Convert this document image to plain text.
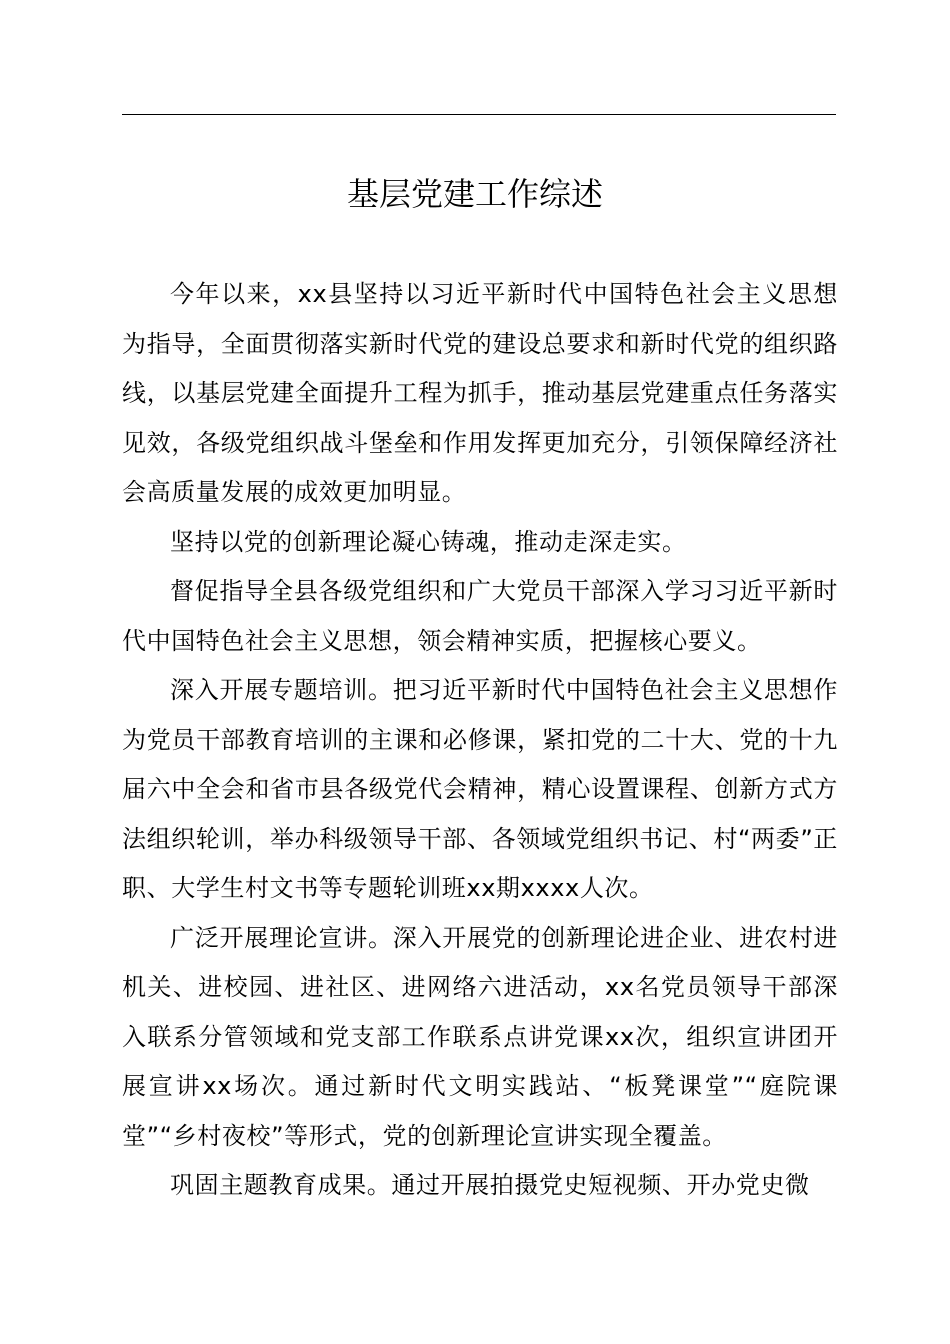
基层党建工作综述

今年以来，xx县坚持以习近平新时代中国特色社会主义思想为指导，全面贯彻落实新时代党的建设总要求和新时代党的组织路线，以基层党建全面提升工程为抓手，推动基层党建重点任务落实见效，各级党组织战斗堡垒和作用发挥更加充分，引领保障经济社会高质量发展的成效更加明显。

坚持以党的创新理论凝心铸魂，推动走深走实。

督促指导全县各级党组织和广大党员干部深入学习习近平新时代中国特色社会主义思想，领会精神实质，把握核心要义。

深入开展专题培训。把习近平新时代中国特色社会主义思想作为党员干部教育培训的主课和必修课，紧扣党的二十大、党的十九届六中全会和省市县各级党代会精神，精心设置课程、创新方式方法组织轮训，举办科级领导干部、各领域党组织书记、村“两委”正职、大学生村文书等专题轮训班xx期xxxx人次。

广泛开展理论宣讲。深入开展党的创新理论进企业、进农村进机关、进校园、进社区、进网络六进活动，xx名党员领导干部深入联系分管领域和党支部工作联系点讲党课xx次，组织宣讲团开展宣讲xx场次。通过新时代文明实践站、“板凳课堂”“庭院课堂”“乡村夜校”等形式，党的创新理论宣讲实现全覆盖。

巩固主题教育成果。通过开展拍摄党史短视频、开办党史微
